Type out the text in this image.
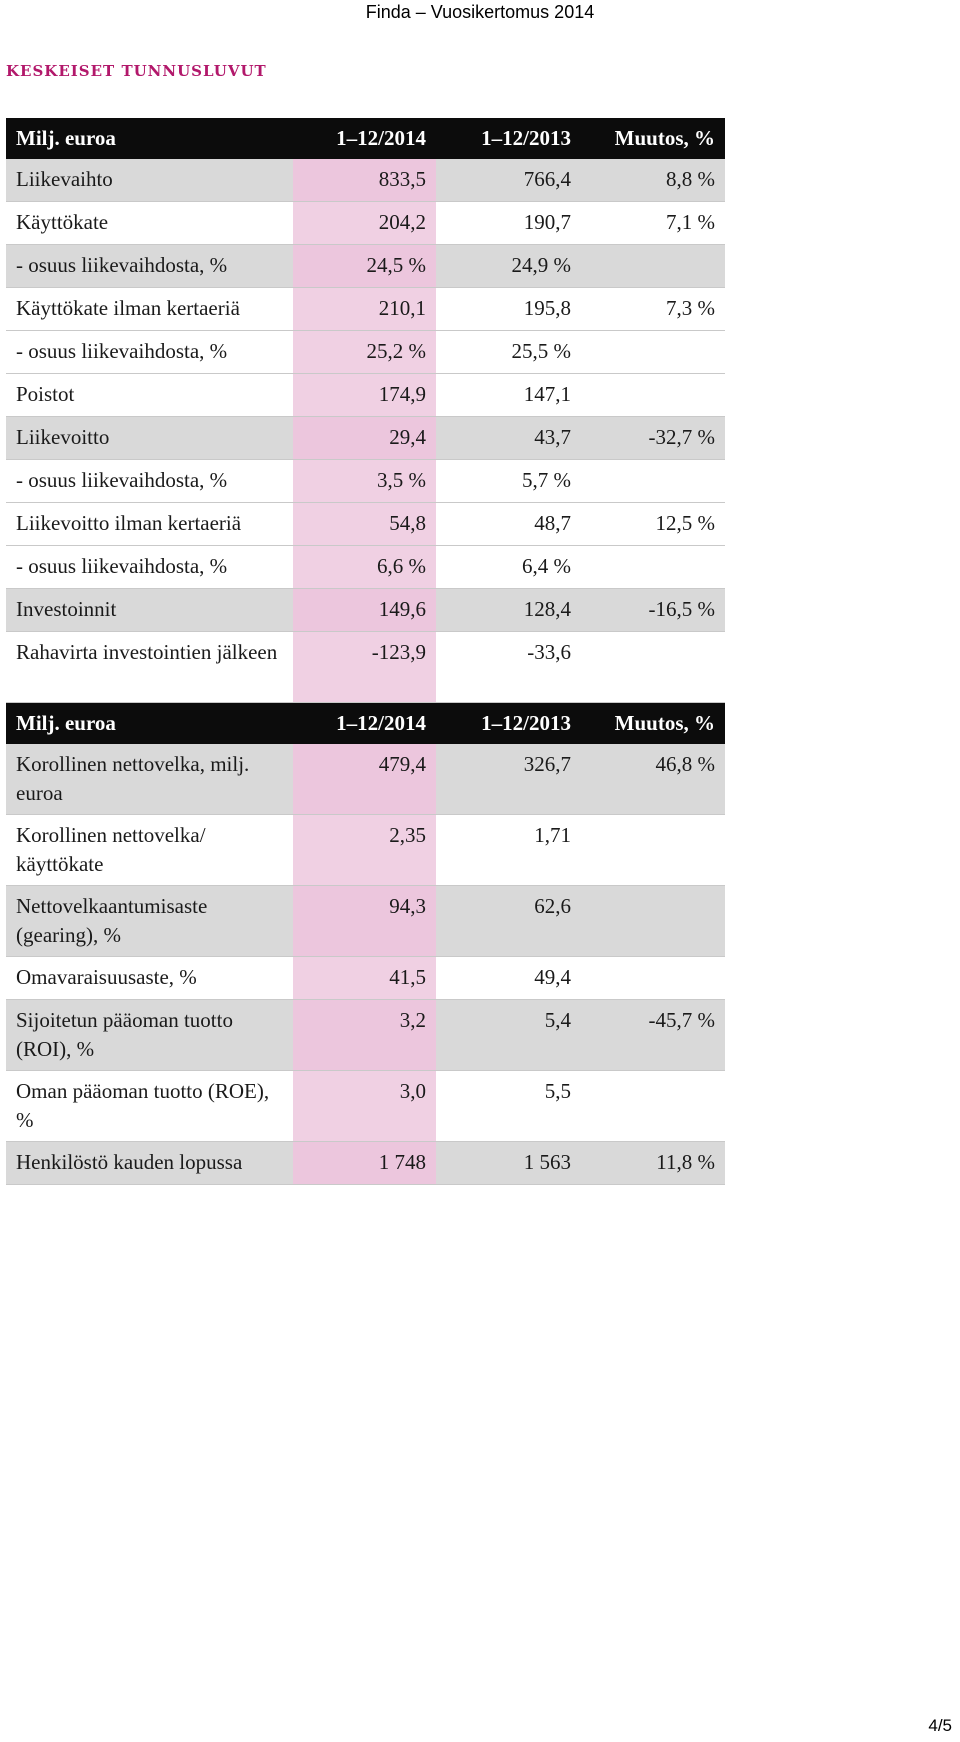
Finda – Vuosikertomus 2014
KESKEISET TUNNUSLUVUT
Milj. euroa	1–12/2014	1–12/2013	Muutos, %
Liikevaihto	833,5	766,4	8,8 %
Käyttökate	204,2	190,7	7,1 %
- osuus liikevaihdosta, %	24,5 %	24,9 %	
Käyttökate ilman kertaeriä	210,1	195,8	7,3 %
- osuus liikevaihdosta, %	25,2 %	25,5 %	
Poistot	174,9	147,1	
Liikevoitto	29,4	43,7	-32,7 %
- osuus liikevaihdosta, %	3,5 %	5,7 %	
Liikevoitto ilman kertaeriä	54,8	48,7	12,5 %
- osuus liikevaihdosta, %	6,6 %	6,4 %	
Investoinnit	149,6	128,4	-16,5 %
Rahavirta investointien jälkeen	-123,9	-33,6	
Milj. euroa	1–12/2014	1–12/2013	Muutos, %
Korollinen nettovelka, milj. euroa	479,4	326,7	46,8 %
Korollinen nettovelka/ käyttökate	2,35	1,71	
Nettovelkaantumisaste (gearing), %	94,3	62,6	
Omavaraisuusaste, %	41,5	49,4	
Sijoitetun pääoman tuotto (ROI), %	3,2	5,4	-45,7 %
Oman pääoman tuotto (ROE), %	3,0	5,5	
Henkilöstö kauden lopussa	1 748	1 563	11,8 %
4/5
